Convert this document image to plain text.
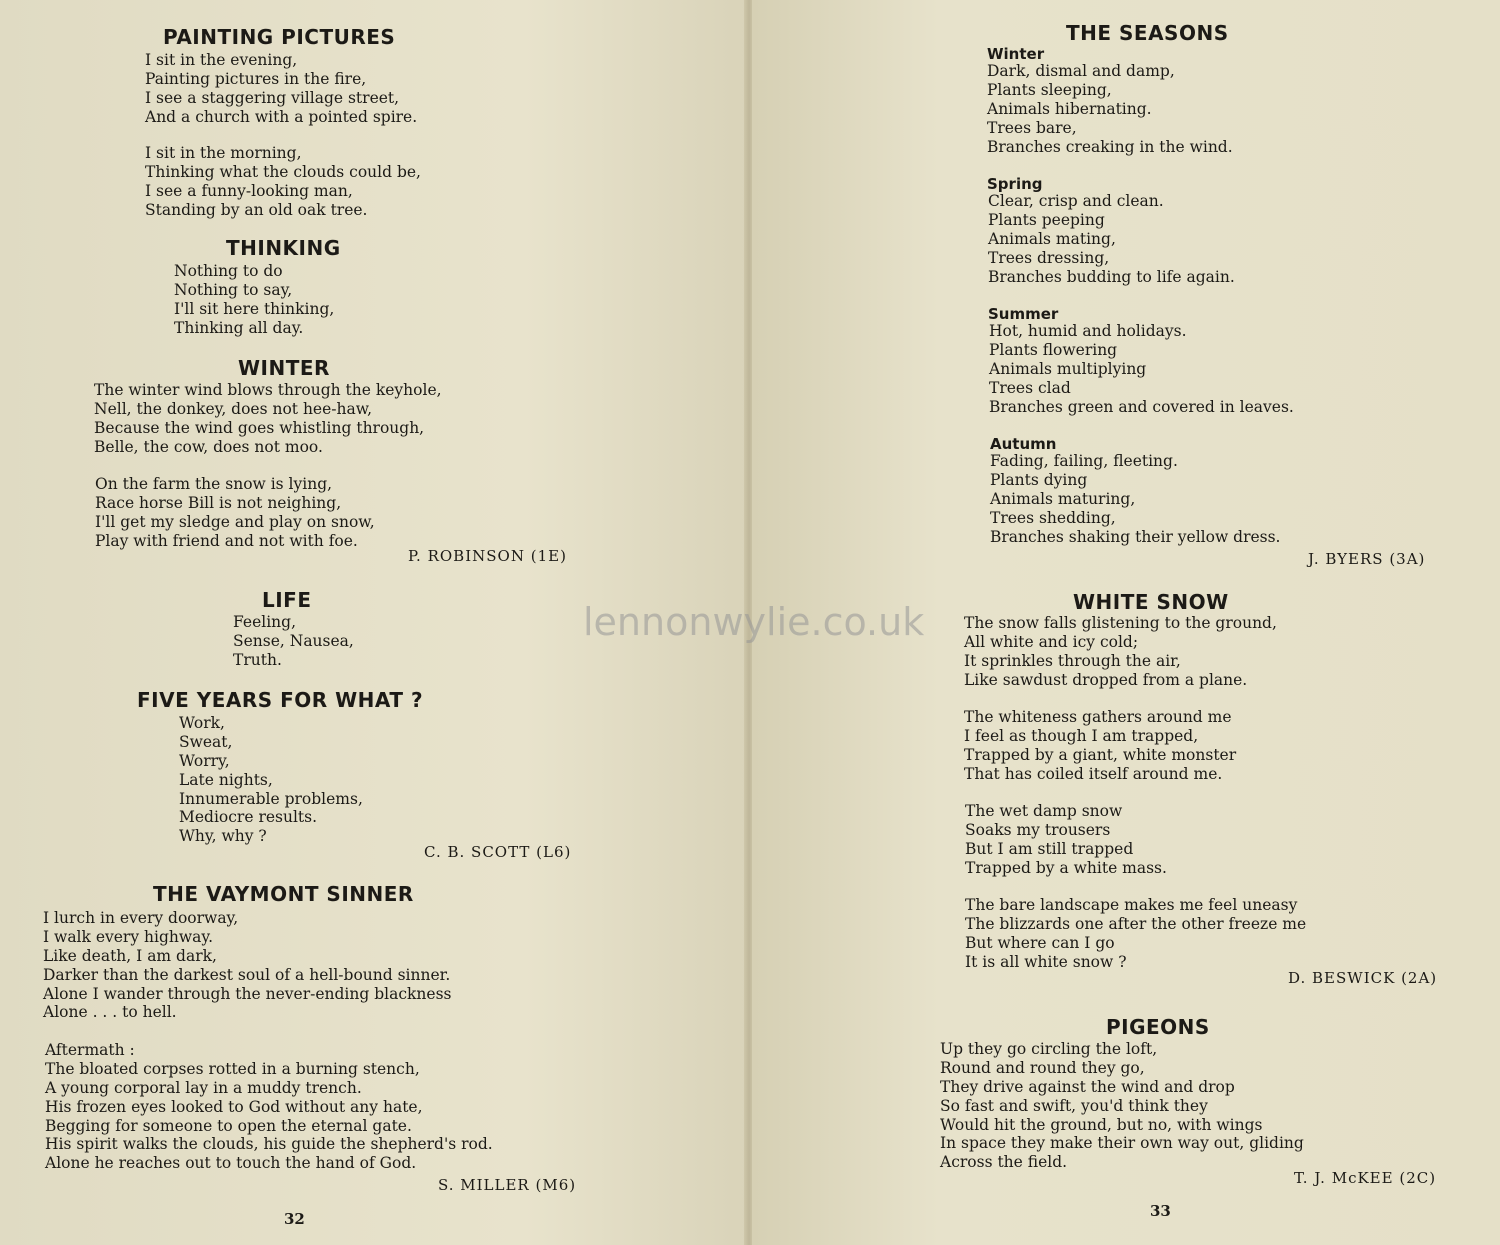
PAINTING PICTURES
I sit in the evening,
Painting pictures in the fire,
I see a staggering village street,
And a church with a pointed spire.
I sit in the morning,
Thinking what the clouds could be,
I see a funny-looking man,
Standing by an old oak tree.
THINKING
Nothing to do
Nothing to say,
I'll sit here thinking,
Thinking all day.
WINTER
The winter wind blows through the keyhole,
Nell, the donkey, does not hee-haw,
Because the wind goes whistling through,
Belle, the cow, does not moo.
On the farm the snow is lying,
Race horse Bill is not neighing,
I'll get my sledge and play on snow,
Play with friend and not with foe.

P. ROBINSON (1E)

LIFE
Feeling,
Sense, Nausea,
Truth.
FIVE YEARS FOR WHAT ?
Work,
Sweat,
Worry,
Late nights,
Innumerable problems,
Mediocre results.
Why, why ?

C. B. SCOTT (L6)

THE VAYMONT SINNER
I lurch in every doorway,
I walk every highway.
Like death, I am dark,
Darker than the darkest soul of a hell-bound sinner.
Alone I wander through the never-ending blackness
Alone . . . to hell.
Aftermath :
The bloated corpses rotted in a burning stench,
A young corporal lay in a muddy trench.
His frozen eyes looked to God without any hate,
Begging for someone to open the eternal gate.
His spirit walks the clouds, his guide the shepherd's rod.
Alone he reaches out to touch the hand of God.

S. MILLER (M6)

32

THE SEASONS
Winter
Dark, dismal and damp,
Plants sleeping,
Animals hibernating.
Trees bare,
Branches creaking in the wind.
Spring
Clear, crisp and clean.
Plants peeping
Animals mating,
Trees dressing,
Branches budding to life again.
Summer
Hot, humid and holidays.
Plants flowering
Animals multiplying
Trees clad
Branches green and covered in leaves.
Autumn
Fading, failing, fleeting.
Plants dying
Animals maturing,
Trees shedding,
Branches shaking their yellow dress.

J. BYERS (3A)

WHITE SNOW
The snow falls glistening to the ground,
All white and icy cold;
It sprinkles through the air,
Like sawdust dropped from a plane.
The whiteness gathers around me
I feel as though I am trapped,
Trapped by a giant, white monster
That has coiled itself around me.
The wet damp snow
Soaks my trousers
But I am still trapped
Trapped by a white mass.
The bare landscape makes me feel uneasy
The blizzards one after the other freeze me
But where can I go
It is all white snow ?

D. BESWICK (2A)

PIGEONS
Up they go circling the loft,
Round and round they go,
They drive against the wind and drop
So fast and swift, you'd think they
Would hit the ground, but no, with wings
In space they make their own way out, gliding
Across the field.

T. J. McKEE (2C)

33

lennonwylie.co.uk
